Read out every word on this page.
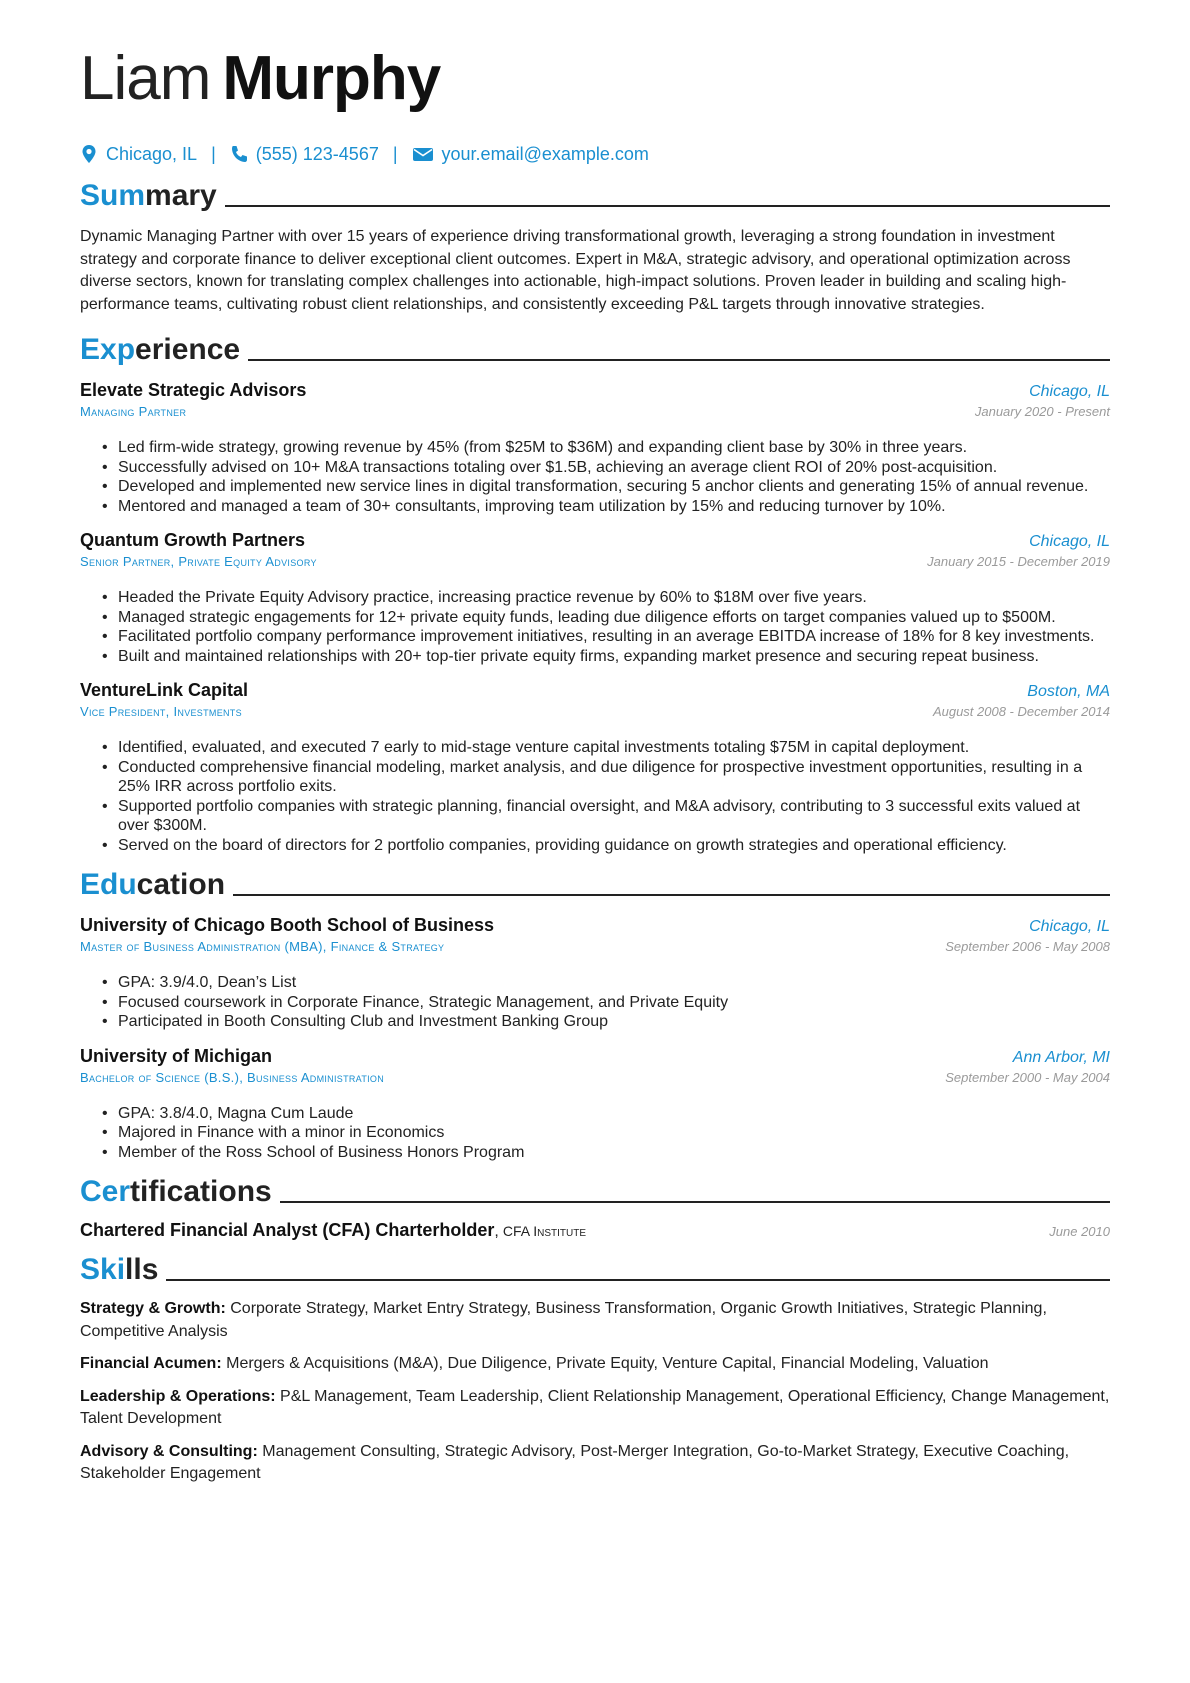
Liam Murphy
Chicago, IL | (555) 123-4567 | your.email@example.com
Summary
Dynamic Managing Partner with over 15 years of experience driving transformational growth, leveraging a strong foundation in investment strategy and corporate finance to deliver exceptional client outcomes. Expert in M&A, strategic advisory, and operational optimization across diverse sectors, known for translating complex challenges into actionable, high-impact solutions. Proven leader in building and scaling high-performance teams, cultivating robust client relationships, and consistently exceeding P&L targets through innovative strategies.
Experience
Elevate Strategic Advisors	Chicago, IL
Managing Partner	January 2020 - Present
• Led firm-wide strategy, growing revenue by 45% (from $25M to $36M) and expanding client base by 30% in three years.
• Successfully advised on 10+ M&A transactions totaling over $1.5B, achieving an average client ROI of 20% post-acquisition.
• Developed and implemented new service lines in digital transformation, securing 5 anchor clients and generating 15% of annual revenue.
• Mentored and managed a team of 30+ consultants, improving team utilization by 15% and reducing turnover by 10%.
Quantum Growth Partners	Chicago, IL
Senior Partner, Private Equity Advisory	January 2015 - December 2019
• Headed the Private Equity Advisory practice, increasing practice revenue by 60% to $18M over five years.
• Managed strategic engagements for 12+ private equity funds, leading due diligence efforts on target companies valued up to $500M.
• Facilitated portfolio company performance improvement initiatives, resulting in an average EBITDA increase of 18% for 8 key investments.
• Built and maintained relationships with 20+ top-tier private equity firms, expanding market presence and securing repeat business.
VentureLink Capital	Boston, MA
Vice President, Investments	August 2008 - December 2014
• Identified, evaluated, and executed 7 early to mid-stage venture capital investments totaling $75M in capital deployment.
• Conducted comprehensive financial modeling, market analysis, and due diligence for prospective investment opportunities, resulting in a 25% IRR across portfolio exits.
• Supported portfolio companies with strategic planning, financial oversight, and M&A advisory, contributing to 3 successful exits valued at over $300M.
• Served on the board of directors for 2 portfolio companies, providing guidance on growth strategies and operational efficiency.
Education
University of Chicago Booth School of Business	Chicago, IL
Master of Business Administration (MBA), Finance & Strategy	September 2006 - May 2008
• GPA: 3.9/4.0, Dean’s List
• Focused coursework in Corporate Finance, Strategic Management, and Private Equity
• Participated in Booth Consulting Club and Investment Banking Group
University of Michigan	Ann Arbor, MI
Bachelor of Science (B.S.), Business Administration	September 2000 - May 2004
• GPA: 3.8/4.0, Magna Cum Laude
• Majored in Finance with a minor in Economics
• Member of the Ross School of Business Honors Program
Certifications
Chartered Financial Analyst (CFA) Charterholder, CFA Institute	June 2010
Skills
Strategy & Growth: Corporate Strategy, Market Entry Strategy, Business Transformation, Organic Growth Initiatives, Strategic Planning, Competitive Analysis
Financial Acumen: Mergers & Acquisitions (M&A), Due Diligence, Private Equity, Venture Capital, Financial Modeling, Valuation
Leadership & Operations: P&L Management, Team Leadership, Client Relationship Management, Operational Efficiency, Change Management, Talent Development
Advisory & Consulting: Management Consulting, Strategic Advisory, Post-Merger Integration, Go-to-Market Strategy, Executive Coaching, Stakeholder Engagement
